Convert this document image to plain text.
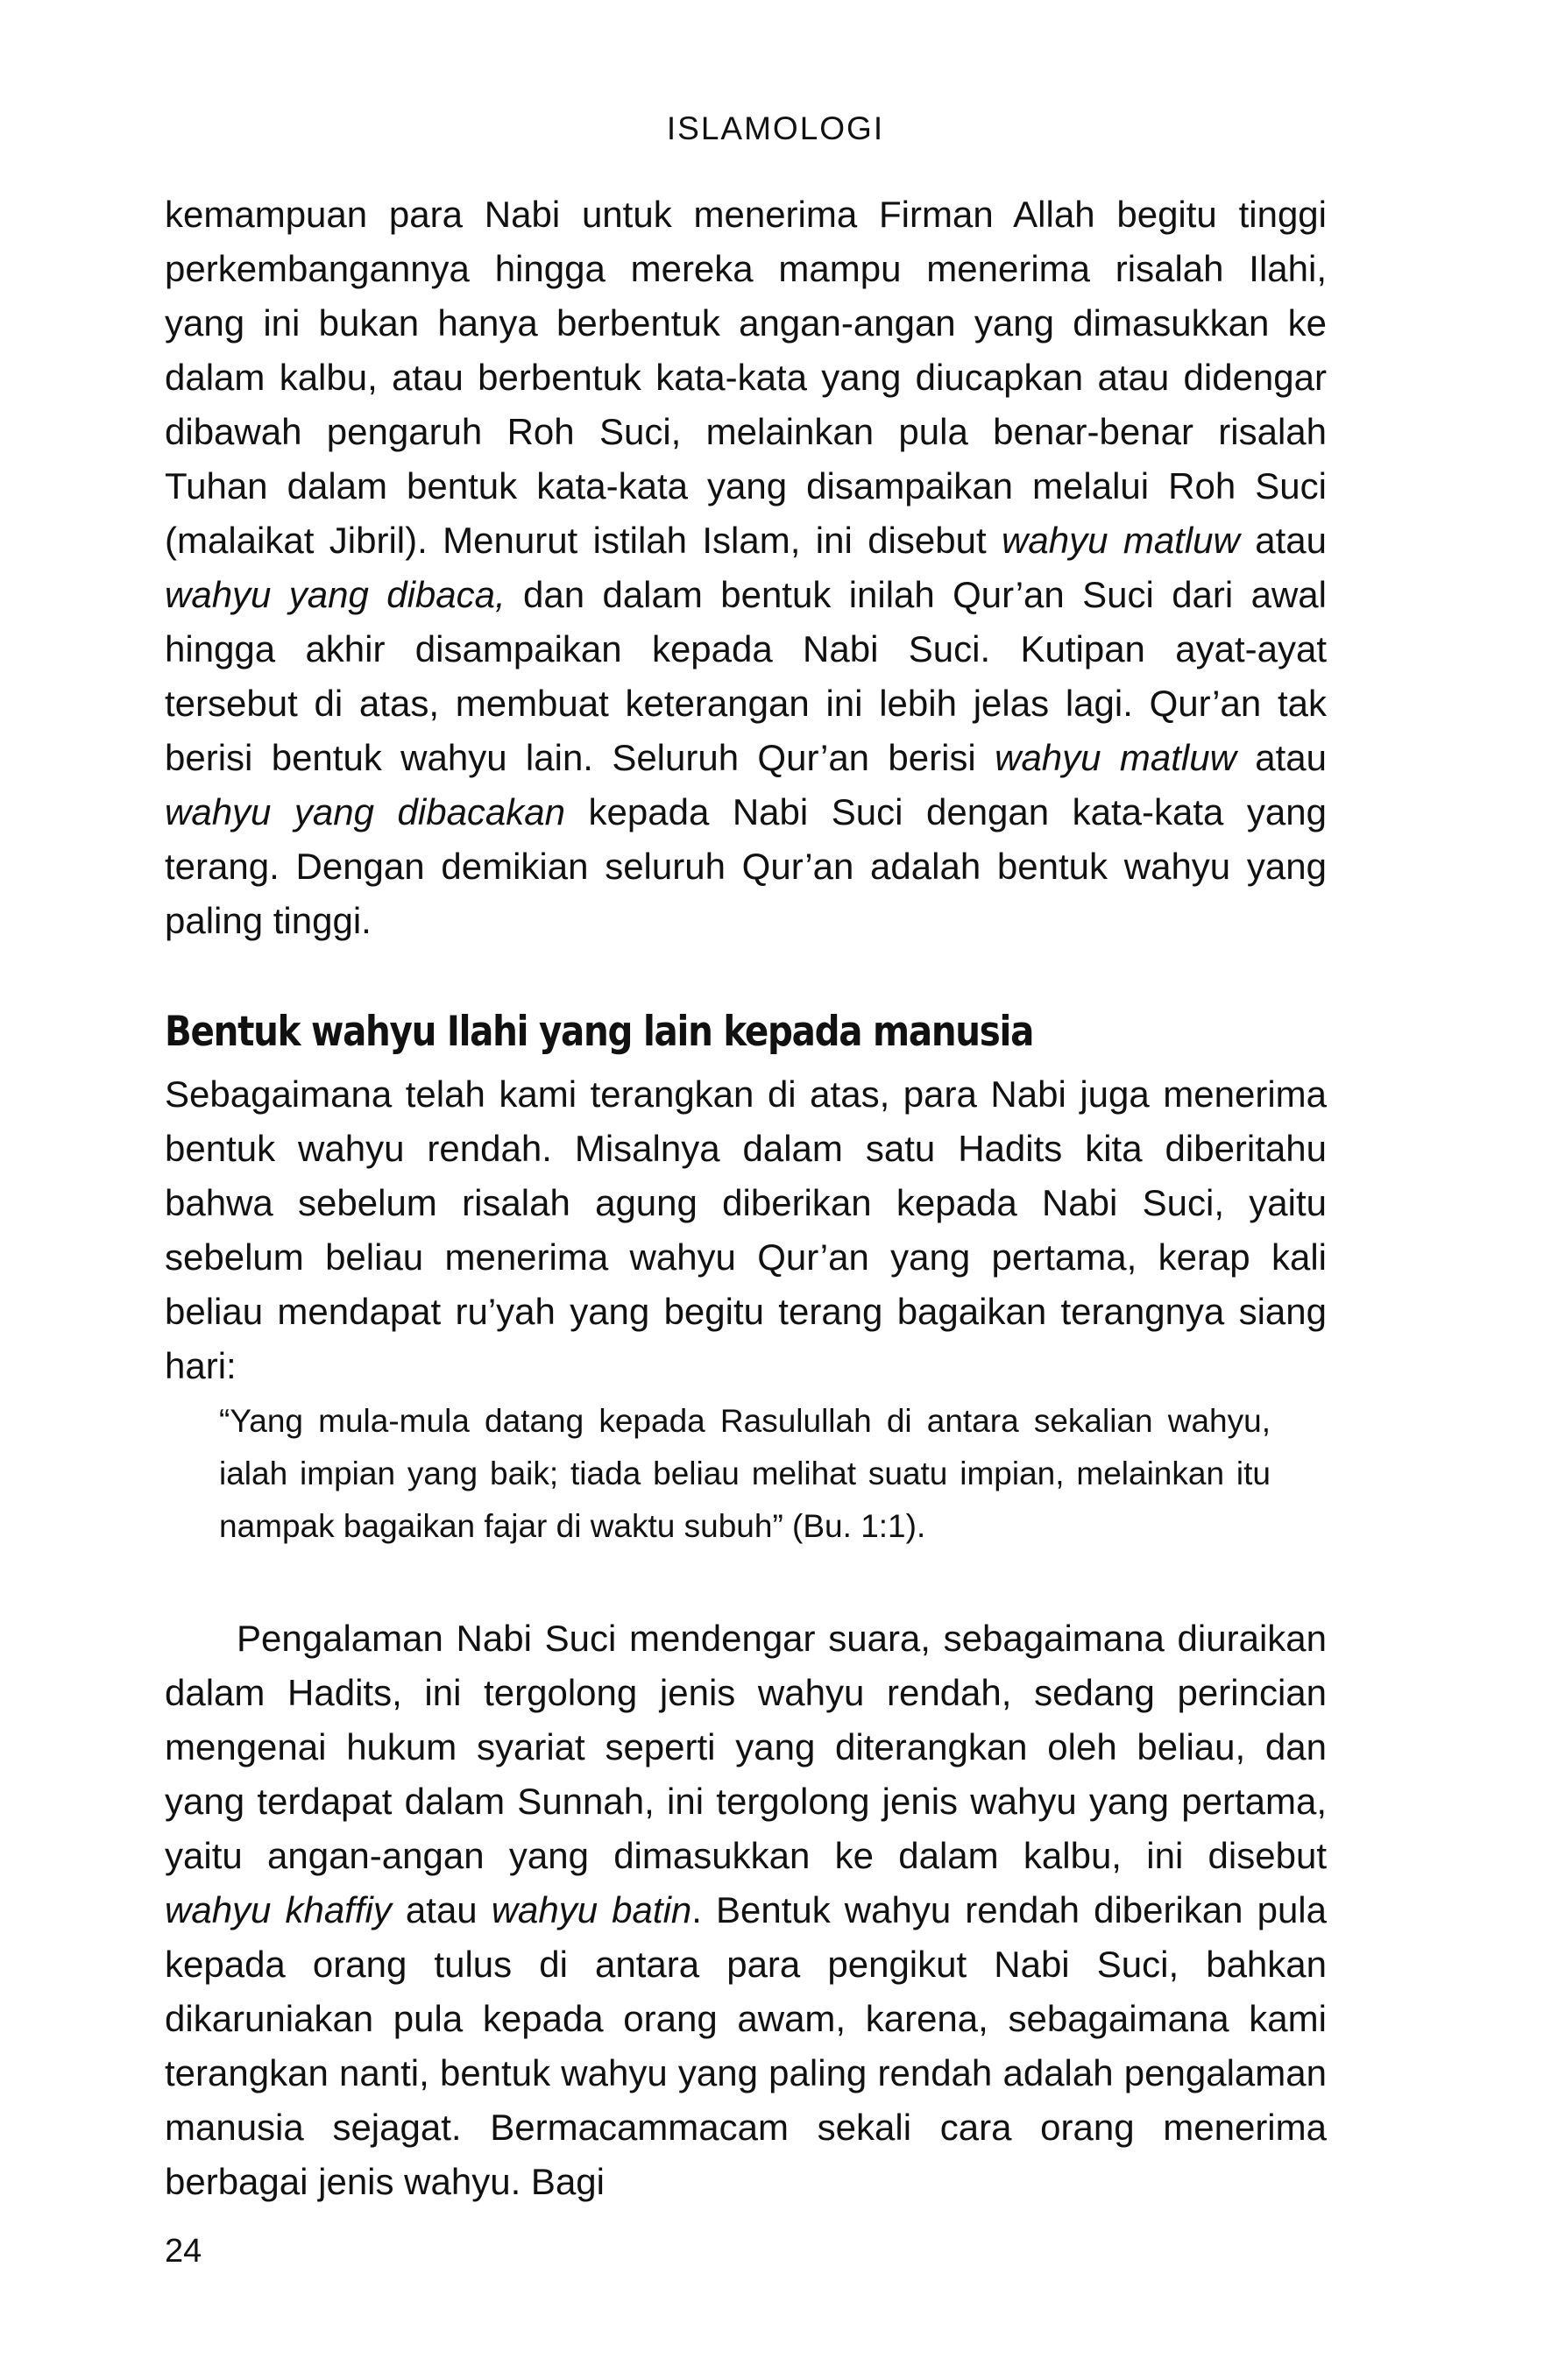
ISLAMOLOGI

kemampuan para Nabi untuk menerima Firman Allah begitu tinggi perkembangannya hingga mereka mampu menerima risalah Ilahi, yang ini bukan hanya berbentuk angan-angan yang dimasukkan ke dalam kalbu, atau berbentuk kata-kata yang diucapkan atau didengar dibawah pengaruh Roh Suci, melainkan pula benar-benar risalah Tuhan dalam bentuk kata-kata yang disampaikan melalui Roh Suci (malaikat Jibril). Menurut istilah Islam, ini disebut wahyu matluw atau wahyu yang dibaca, dan dalam bentuk inilah Qur’an Suci dari awal hingga akhir disampaikan kepada Nabi Suci. Kutipan ayat-ayat tersebut di atas, membuat keterangan ini lebih jelas lagi. Qur’an tak berisi bentuk wahyu lain. Seluruh Qur’an berisi wahyu matluw atau wahyu yang dibacakan kepada Nabi Suci dengan kata-kata yang terang. Dengan demikian seluruh Qur’an adalah bentuk wahyu yang paling tinggi.

Bentuk wahyu Ilahi yang lain kepada manusia

Sebagaimana telah kami terangkan di atas, para Nabi juga menerima bentuk wahyu rendah. Misalnya dalam satu Hadits kita diberitahu bahwa sebelum risalah agung diberikan kepada Nabi Suci, yaitu sebelum beliau menerima wahyu Qur’an yang pertama, kerap kali beliau mendapat ru’yah yang begitu terang bagaikan terangnya siang hari:

“Yang mula-mula datang kepada Rasulullah di antara sekalian wahyu, ialah impian yang baik; tiada beliau melihat suatu impian, melainkan itu nampak bagaikan fajar di waktu subuh” (Bu. 1:1).

Pengalaman Nabi Suci mendengar suara, sebagaimana diuraikan dalam Hadits, ini tergolong jenis wahyu rendah, sedang perincian mengenai hukum syariat seperti yang diterangkan oleh beliau, dan yang terdapat dalam Sunnah, ini tergolong jenis wahyu yang pertama, yaitu angan-angan yang dimasukkan ke dalam kalbu, ini disebut wahyu khaffiy atau wahyu batin. Bentuk wahyu rendah diberikan pula kepada orang tulus di antara para pengikut Nabi Suci, bahkan dikaruniakan pula kepada orang awam, karena, sebagaimana kami terangkan nanti, bentuk wahyu yang paling rendah adalah pengalaman manusia sejagat. Bermacammacam sekali cara orang menerima berbagai jenis wahyu. Bagi

24
